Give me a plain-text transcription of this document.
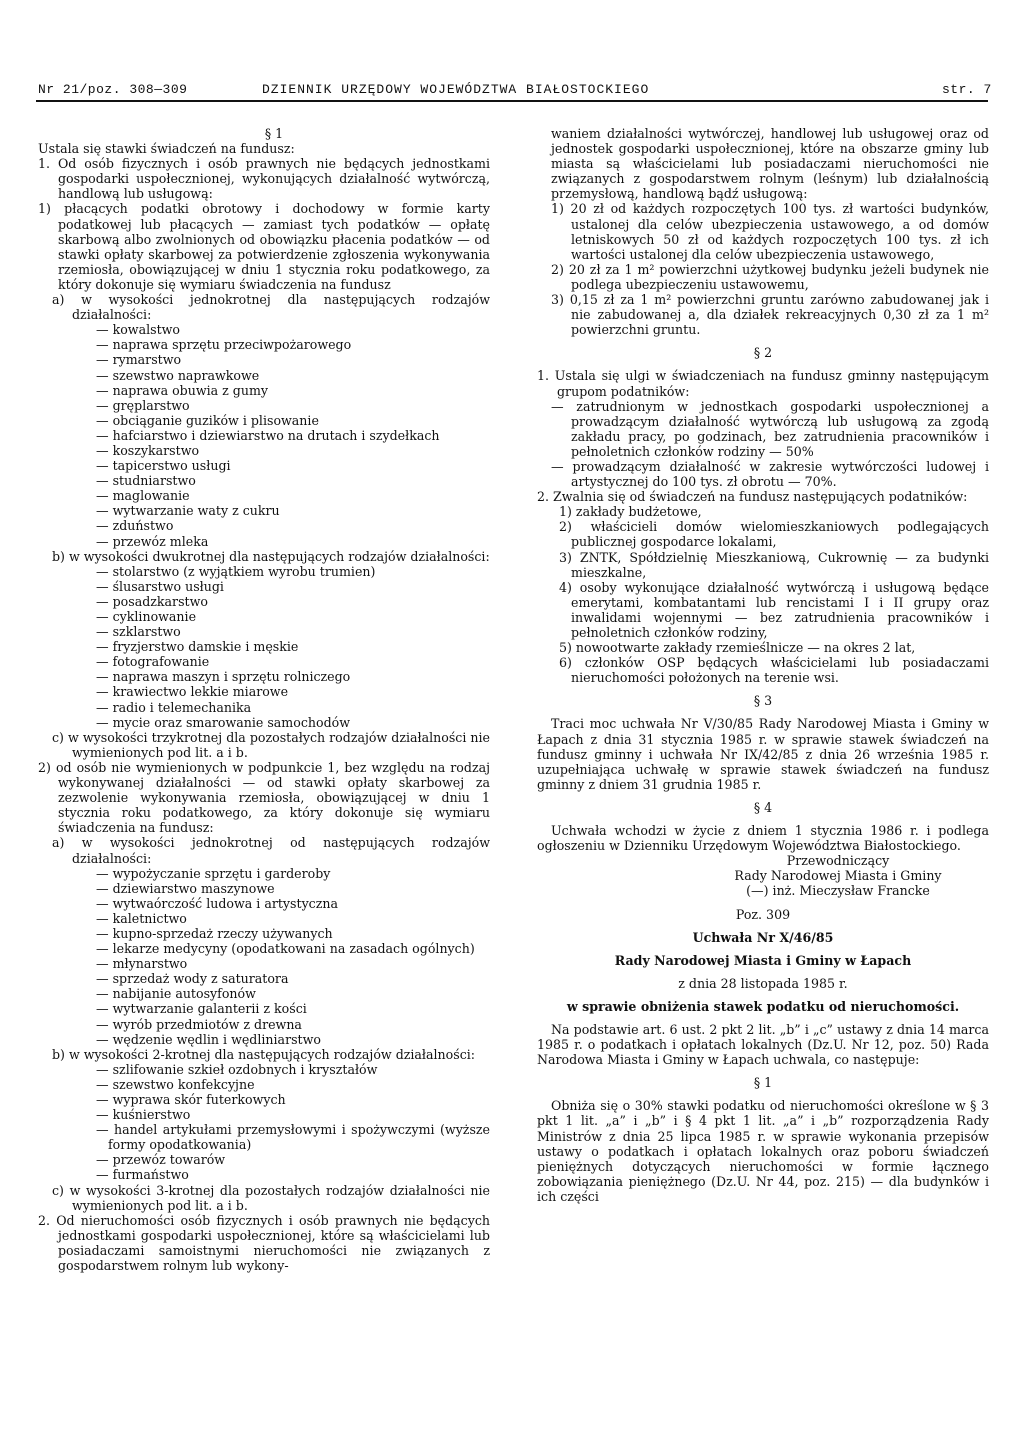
Nr 21/poz. 308—309	DZIENNIK URZĘDOWY WOJEWÓDZTWA BIAŁOSTOCKIEGO	str. 7

§ 1

Ustala się stawki świadczeń na fundusz:

1. Od osób fizycznych i osób prawnych nie będących jednostkami gospodarki uspołecznionej, wykonujących działalność wytwórczą, handlową lub usługową:

1) płacących podatki obrotowy i dochodowy w formie karty podatkowej lub płacących — zamiast tych podatków — opłatę skarbową albo zwolnionych od obowiązku płacenia podatków — od stawki opłaty skarbowej za potwierdzenie zgłoszenia wykonywania rzemiosła, obowiązującej w dniu 1 stycznia roku podatkowego, za który dokonuje się wymiaru świadczenia na fundusz

a) w wysokości jednokrotnej dla następujących rodzajów działalności:

— kowalstwo

— naprawa sprzętu przeciwpożarowego

— rymarstwo

— szewstwo naprawkowe

— naprawa obuwia z gumy

— gręplarstwo

— obciąganie guzików i plisowanie

— hafciarstwo i dziewiarstwo na drutach i szydełkach

— koszykarstwo

— tapicerstwo usługi

— studniarstwo

— maglowanie

— wytwarzanie waty z cukru

— zduństwo

— przewóz mleka

b) w wysokości dwukrotnej dla następujących rodzajów działalności:

— stolarstwo (z wyjątkiem wyrobu trumien)

— ślusarstwo usługi

— posadzkarstwo

— cyklinowanie

— szklarstwo

— fryzjerstwo damskie i męskie

— fotografowanie

— naprawa maszyn i sprzętu rolniczego

— krawiectwo lekkie miarowe

— radio i telemechanika

— mycie oraz smarowanie samochodów

c) w wysokości trzykrotnej dla pozostałych rodzajów działalności nie wymienionych pod lit. a i b.

2) od osób nie wymienionych w podpunkcie 1, bez względu na rodzaj wykonywanej działalności — od stawki opłaty skarbowej za zezwolenie wykonywania rzemiosła, obowiązującej w dniu 1 stycznia roku podatkowego, za który dokonuje się wymiaru świadczenia na fundusz:

a) w wysokości jednokrotnej od następujących rodzajów działalności:

— wypożyczanie sprzętu i garderoby

— dziewiarstwo maszynowe

— wytwaórczość ludowa i artystyczna

— kaletnictwo

— kupno-sprzedaż rzeczy używanych

— lekarze medycyny (opodatkowani na zasadach ogólnych)

— młynarstwo

— sprzedaż wody z saturatora

— nabijanie autosyfonów

— wytwarzanie galanterii z kości

— wyrób przedmiotów z drewna

— wędzenie wędlin i wędliniarstwo

b) w wysokości 2-krotnej dla następujących rodzajów działalności:

— szlifowanie szkieł ozdobnych i kryształów

— szewstwo konfekcyjne

— wyprawa skór futerkowych

— kuśnierstwo

— handel artykułami przemysłowymi i spożywczymi (wyższe formy opodatkowania)

— przewóz towarów

— furmaństwo

c) w wysokości 3-krotnej dla pozostałych rodzajów działalności nie wymienionych pod lit. a i b.

2. Od nieruchomości osób fizycznych i osób prawnych nie będących jednostkami gospodarki uspołecznionej, które są właścicielami lub posiadaczami samoistnymi nieruchomości nie związanych z gospodarstwem rolnym lub wykony-

waniem działalności wytwórczej, handlowej lub usługowej oraz od jednostek gospodarki uspołecznionej, które na obszarze gminy lub miasta są właścicielami lub posiadaczami nieruchomości nie związanych z gospodarstwem rolnym (leśnym) lub działalnością przemysłową, handlową bądź usługową:

1) 20 zł od każdych rozpoczętych 100 tys. zł wartości budynków, ustalonej dla celów ubezpieczenia ustawowego, a od domów letniskowych 50 zł od każdych rozpoczętych 100 tys. zł ich wartości ustalonej dla celów ubezpieczenia ustawowego,

2) 20 zł za 1 m² powierzchni użytkowej budynku jeżeli budynek nie podlega ubezpieczeniu ustawowemu,

3) 0,15 zł za 1 m² powierzchni gruntu zarówno zabudowanej jak i nie zabudowanej a, dla działek rekreacyjnych 0,30 zł za 1 m² powierzchni gruntu.

§ 2

1. Ustala się ulgi w świadczeniach na fundusz gminny następującym grupom podatników:

— zatrudnionym w jednostkach gospodarki uspołecznionej a prowadzącym działalność wytwórczą lub usługową za zgodą zakładu pracy, po godzinach, bez zatrudnienia pracowników i pełnoletnich członków rodziny — 50%

— prowadzącym działalność w zakresie wytwórczości ludowej i artystycznej do 100 tys. zł obrotu — 70%.

2. Zwalnia się od świadczeń na fundusz następujących podatników:

1) zakłady budżetowe,

2) właścicieli domów wielomieszkaniowych podlegających publicznej gospodarce lokalami,

3) ZNTK, Spółdzielnię Mieszkaniową, Cukrownię — za budynki mieszkalne,

4) osoby wykonujące działalność wytwórczą i usługową będące emerytami, kombatantami lub rencistami I i II grupy oraz inwalidami wojennymi — bez zatrudnienia pracowników i pełnoletnich członków rodziny,

5) nowootwarte zakłady rzemieślnicze — na okres 2 lat,

6) członków OSP będących właścicielami lub posiadaczami nieruchomości położonych na terenie wsi.

§ 3

Traci moc uchwała Nr V/30/85 Rady Narodowej Miasta i Gminy w Łapach z dnia 31 stycznia 1985 r. w sprawie stawek świadczeń na fundusz gminny i uchwała Nr IX/42/85 z dnia 26 września 1985 r. uzupełniająca uchwałę w sprawie stawek świadczeń na fundusz gminny z dniem 31 grudnia 1985 r.

§ 4

Uchwała wchodzi w życie z dniem 1 stycznia 1986 r. i podlega ogłoszeniu w Dzienniku Urzędowym Województwa Białostockiego.

Przewodniczący

Rady Narodowej Miasta i Gminy

(—) inż. Mieczysław Francke

Poz. 309

Uchwała Nr X/46/85

Rady Narodowej Miasta i Gminy w Łapach

z dnia 28 listopada 1985 r.

w sprawie obniżenia stawek podatku od nieruchomości.

Na podstawie art. 6 ust. 2 pkt 2 lit. „b” i „c” ustawy z dnia 14 marca 1985 r. o podatkach i opłatach lokalnych (Dz.U. Nr 12, poz. 50) Rada Narodowa Miasta i Gminy w Łapach uchwala, co następuje:

§ 1

Obniża się o 30% stawki podatku od nieruchomości określone w § 3 pkt 1 lit. „a” i „b” i § 4 pkt 1 lit. „a” i „b” rozporządzenia Rady Ministrów z dnia 25 lipca 1985 r. w sprawie wykonania przepisów ustawy o podatkach i opłatach lokalnych oraz poboru świadczeń pieniężnych dotyczących nieruchomości w formie łącznego zobowiązania pieniężnego (Dz.U. Nr 44, poz. 215) — dla budynków i ich części
